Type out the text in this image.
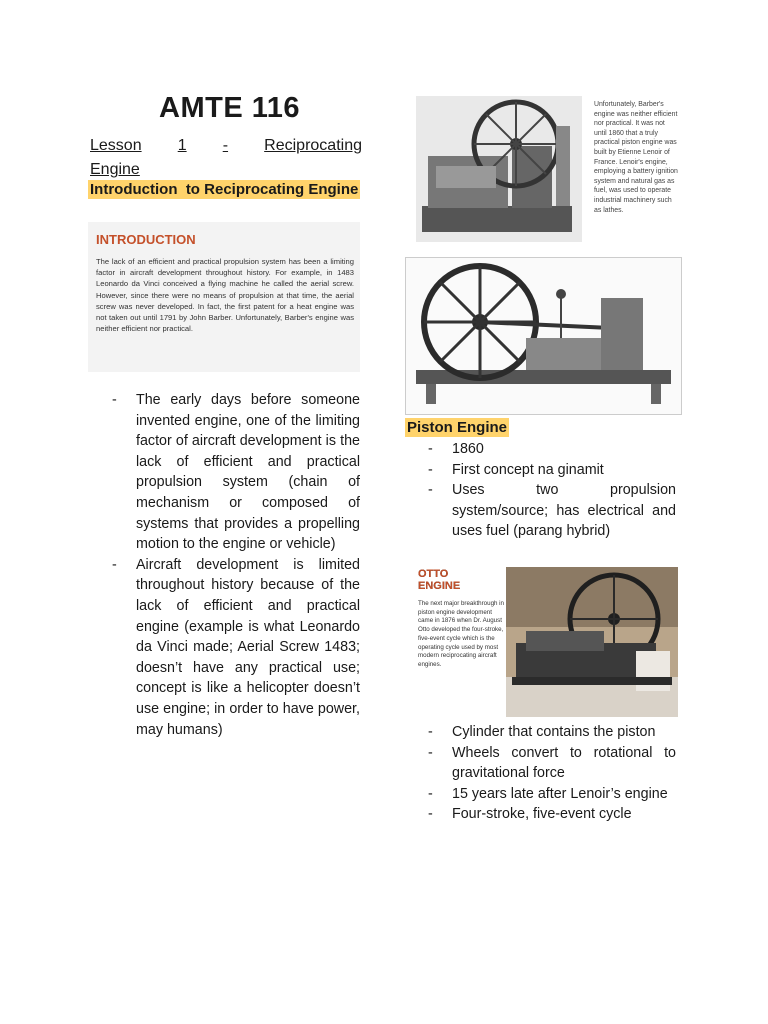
AMTE 116
Lesson 1 - Reciprocating
Engine
Introduction  to Reciprocating Engine
INTRODUCTION
The lack of an efficient and practical propulsion system has been a limiting factor in aircraft development throughout history. For example, in 1483 Leonardo da Vinci conceived a flying machine he called the aerial screw. However, since there were no means of propulsion at that time, the aerial screw was never developed. In fact, the first patent for a heat engine was not taken out until 1791 by John Barber. Unfortunately, Barber's engine was neither efficient nor practical.
- The early days before someone invented engine, one of the limiting factor of aircraft development is the lack of efficient and practical propulsion system (chain of mechanism or composed of systems that provides a propelling motion to the engine or vehicle)
- Aircraft development is limited throughout history because of the lack of efficient and practical engine (example is what Leonardo da Vinci made; Aerial Screw 1483; doesn’t have any practical use; concept is like a helicopter doesn’t use engine; in order to have power, may humans)
Unfortunately, Barber's engine was neither efficient nor practical. It was not until 1860 that a truly practical piston engine was built by Etienne Lenoir of France. Lenoir's engine, employing a battery ignition system and natural gas as fuel, was used to operate industrial machinery such as lathes.
Piston Engine
- 1860
- First concept na ginamit
- Uses two propulsion system/source; has electrical and uses fuel (parang hybrid)
OTTO
ENGINE
The next major breakthrough in piston engine development came in 1876 when Dr. August Otto developed the four-stroke, five-event cycle which is the operating cycle used by most modern reciprocating aircraft engines.
- Cylinder that contains the piston
- Wheels convert to rotational to gravitational force
- 15 years late after Lenoir’s engine
- Four-stroke, five-event cycle
